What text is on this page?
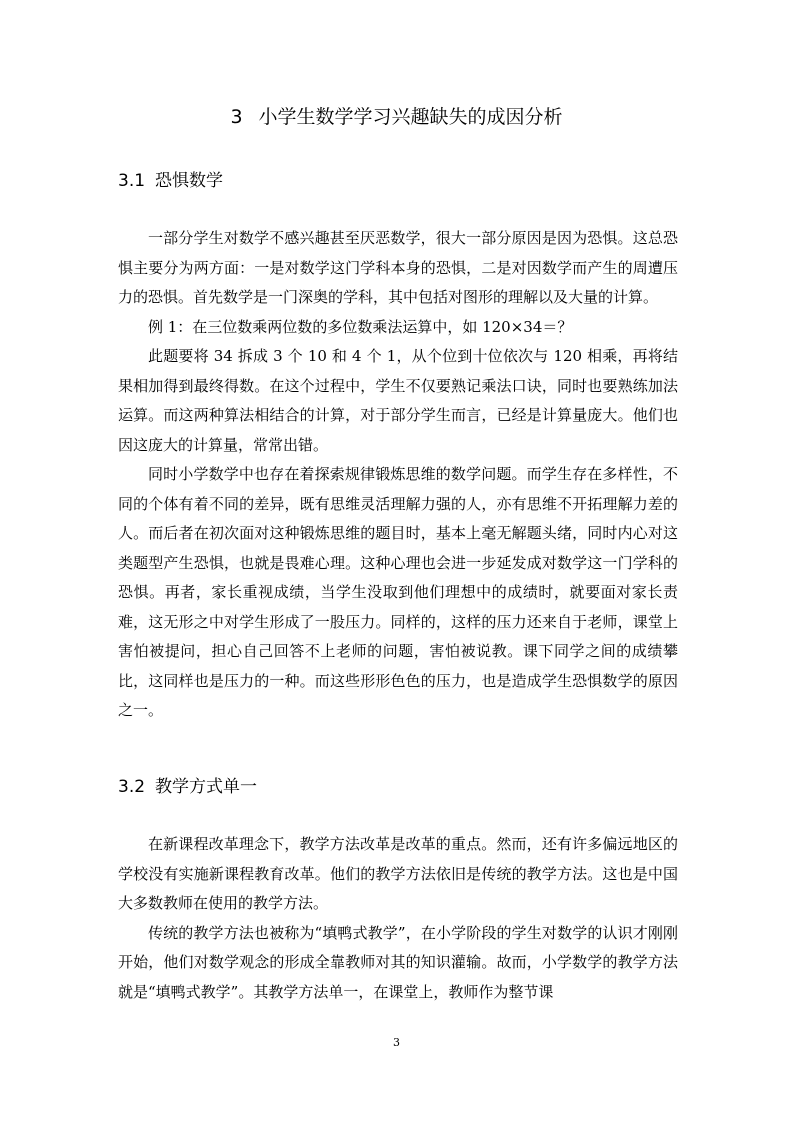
3 小学生数学学习兴趣缺失的成因分析
3.1 恐惧数学

一部分学生对数学不感兴趣甚至厌恶数学，很大一部分原因是因为恐惧。这总恐惧主要分为两方面：一是对数学这门学科本身的恐惧，二是对因数学而产生的周遭压力的恐惧。首先数学是一门深奥的学科，其中包括对图形的理解以及大量的计算。

例 1：在三位数乘两位数的多位数乘法运算中，如 120×34＝？

此题要将 34 拆成 3 个 10 和 4 个 1，从个位到十位依次与 120 相乘，再将结果相加得到最终得数。在这个过程中，学生不仅要熟记乘法口诀，同时也要熟练加法运算。而这两种算法相结合的计算，对于部分学生而言，已经是计算量庞大。他们也因这庞大的计算量，常常出错。

同时小学数学中也存在着探索规律锻炼思维的数学问题。而学生存在多样性，不同的个体有着不同的差异，既有思维灵活理解力强的人，亦有思维不开拓理解力差的人。而后者在初次面对这种锻炼思维的题目时，基本上毫无解题头绪，同时内心对这类题型产生恐惧，也就是畏难心理。这种心理也会进一步延发成对数学这一门学科的恐惧。再者，家长重视成绩，当学生没取到他们理想中的成绩时，就要面对家长责难，这无形之中对学生形成了一股压力。同样的，这样的压力还来自于老师，课堂上害怕被提问，担心自己回答不上老师的问题，害怕被说教。课下同学之间的成绩攀比，这同样也是压力的一种。而这些形形色色的压力，也是造成学生恐惧数学的原因之一。

3.2 教学方式单一

在新课程改革理念下，教学方法改革是改革的重点。然而，还有许多偏远地区的学校没有实施新课程教育改革。他们的教学方法依旧是传统的教学方法。这也是中国大多数教师在使用的教学方法。

传统的教学方法也被称为“填鸭式教学”，在小学阶段的学生对数学的认识才刚刚开始，他们对数学观念的形成全靠教师对其的知识灌输。故而，小学数学的教学方法就是“填鸭式教学”。其教学方法单一，在课堂上，教师作为整节课

3
